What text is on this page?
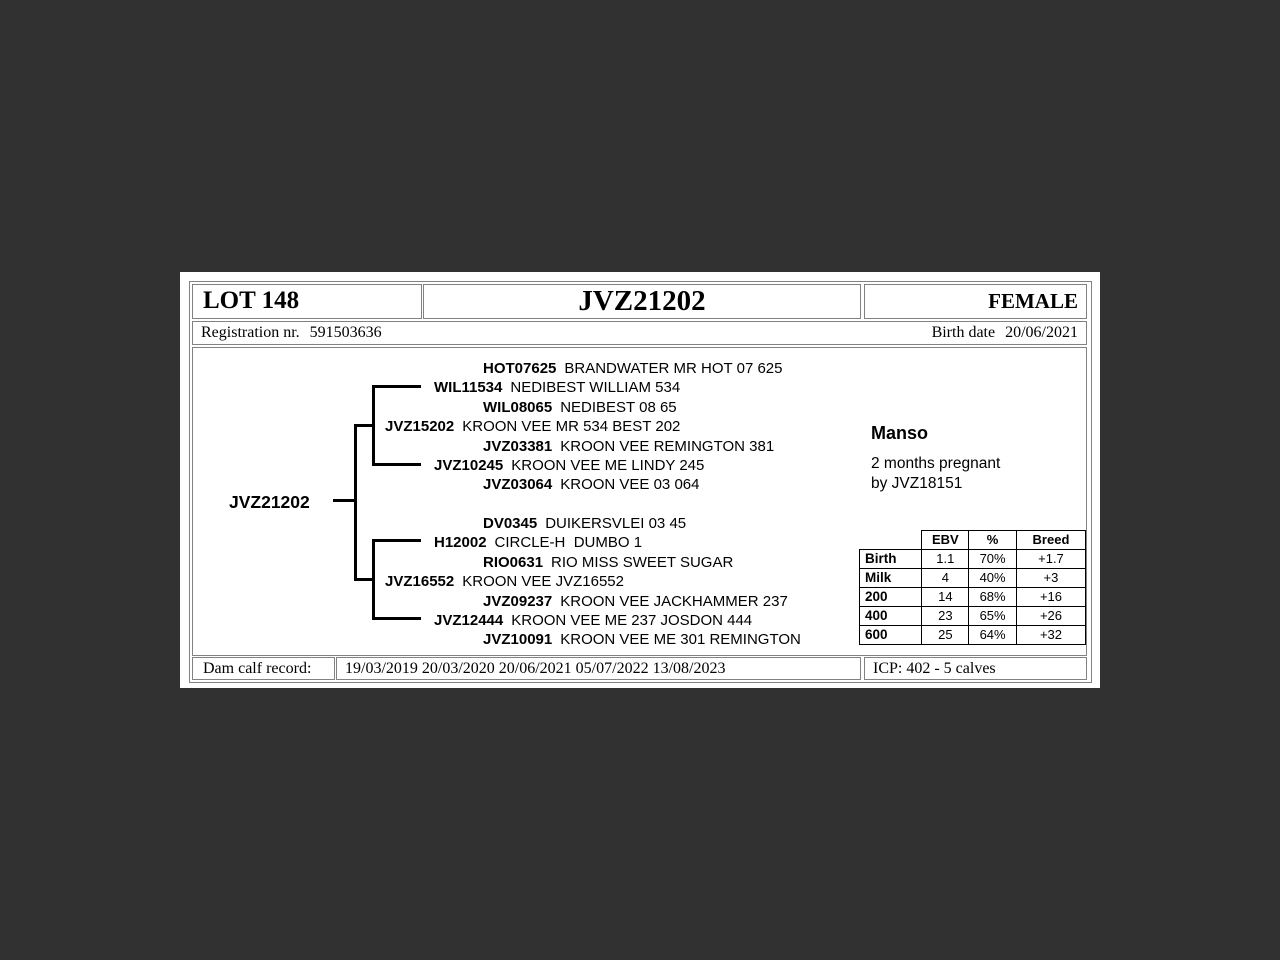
LOT 148	JVZ21202	FEMALE
Registration nr. 591503636	Birth date 20/06/2021
JVZ21202
HOT07625 BRANDWATER MR HOT 07 625
WIL11534 NEDIBEST WILLIAM 534
WIL08065 NEDIBEST 08 65
JVZ15202 KROON VEE MR 534 BEST 202
JVZ03381 KROON VEE REMINGTON 381
JVZ10245 KROON VEE ME LINDY 245
JVZ03064 KROON VEE 03 064
DV0345 DUIKERSVLEI 03 45
H12002 CIRCLE-H  DUMBO 1
RIO0631 RIO MISS SWEET SUGAR
JVZ16552 KROON VEE JVZ16552
JVZ09237 KROON VEE JACKHAMMER 237
JVZ12444 KROON VEE ME 237 JOSDON 444
JVZ10091 KROON VEE ME 301 REMINGTON
Manso
2 months pregnant
by JVZ18151
	EBV	%	Breed
Birth	1.1	70%	+1.7
Milk	4	40%	+3
200	14	68%	+16
400	23	65%	+26
600	25	64%	+32
Dam calf record:	19/03/2019 20/03/2020 20/06/2021 05/07/2022 13/08/2023	ICP: 402 - 5 calves
